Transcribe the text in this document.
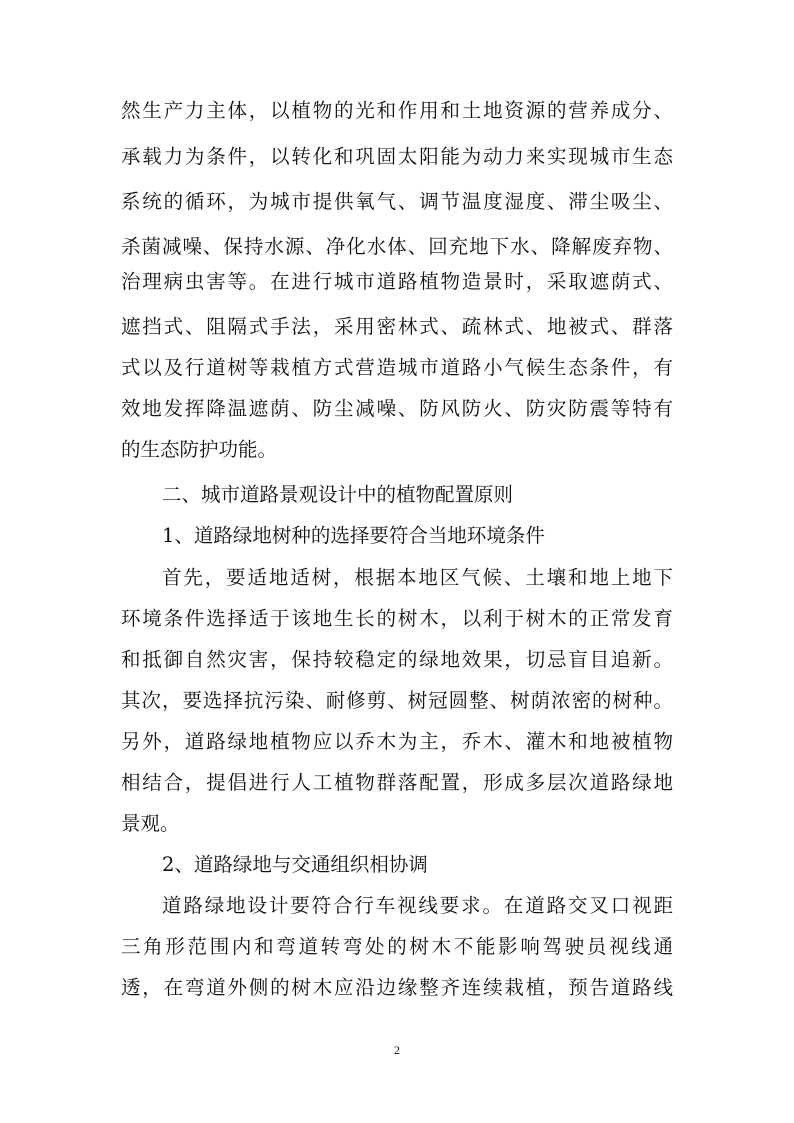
然生产力主体，以植物的光和作用和土地资源的营养成分、
承载力为条件，以转化和巩固太阳能为动力来实现城市生态
系统的循环，为城市提供氧气、调节温度湿度、滞尘吸尘、
杀菌减噪、保持水源、净化水体、回充地下水、降解废弃物、
治理病虫害等。在进行城市道路植物造景时，采取遮荫式、
遮挡式、阻隔式手法，采用密林式、疏林式、地被式、群落
式以及行道树等栽植方式营造城市道路小气候生态条件，有
效地发挥降温遮荫、防尘减噪、防风防火、防灾防震等特有
的生态防护功能。
二、城市道路景观设计中的植物配置原则
1、道路绿地树种的选择要符合当地环境条件
首先，要适地适树，根据本地区气候、土壤和地上地下
环境条件选择适于该地生长的树木，以利于树木的正常发育
和抵御自然灾害，保持较稳定的绿地效果，切忌盲目追新。
其次，要选择抗污染、耐修剪、树冠圆整、树荫浓密的树种。
另外，道路绿地植物应以乔木为主，乔木、灌木和地被植物
相结合，提倡进行人工植物群落配置，形成多层次道路绿地
景观。
2、道路绿地与交通组织相协调
道路绿地设计要符合行车视线要求。在道路交叉口视距
三角形范围内和弯道转弯处的树木不能影响驾驶员视线通
透，在弯道外侧的树木应沿边缘整齐连续栽植，预告道路线
2
